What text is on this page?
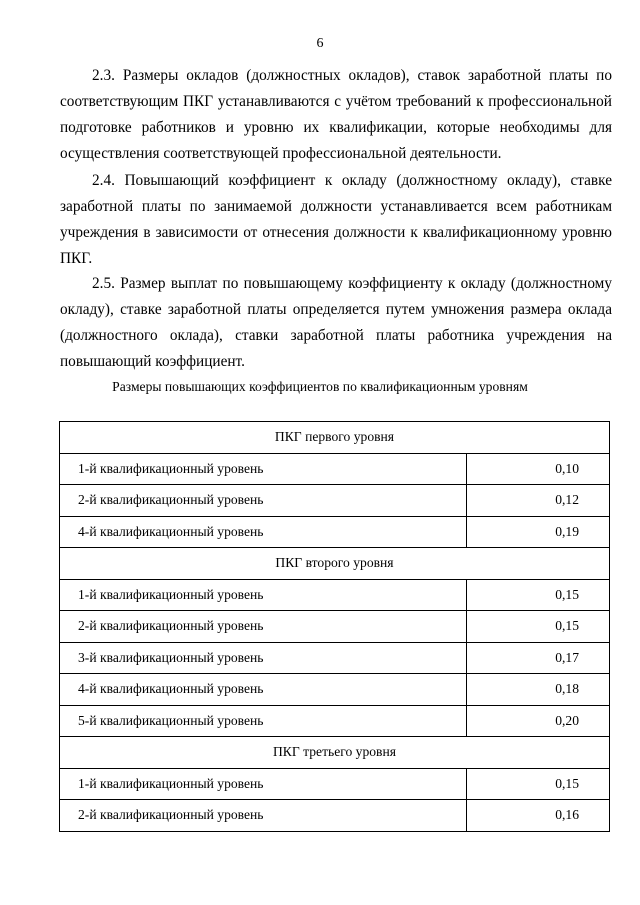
6

2.3. Размеры окладов (должностных окладов), ставок заработной платы по соответствующим ПКГ устанавливаются с учётом требований к профессиональной подготовке работников и уровню их квалификации, которые необходимы для осуществления соответствующей профессиональной деятельности.

2.4. Повышающий коэффициент к окладу (должностному окладу), ставке заработной платы по занимаемой должности устанавливается всем работникам учреждения в зависимости от отнесения должности к квалификационному уровню ПКГ.

2.5. Размер выплат по повышающему коэффициенту к окладу (должностному окладу), ставке заработной платы определяется путем умножения размера оклада (должностного оклада), ставки заработной платы работника учреждения на повышающий коэффициент.

Размеры повышающих коэффициентов по квалификационным уровням
ПКГ первого уровня	
1-й квалификационный уровень	0,10
2-й квалификационный уровень	0,12
4-й квалификационный уровень	0,19
ПКГ второго уровня	
1-й квалификационный уровень	0,15
2-й квалификационный уровень	0,15
3-й квалификационный уровень	0,17
4-й квалификационный уровень	0,18
5-й квалификационный уровень	0,20
ПКГ третьего уровня	
1-й квалификационный уровень	0,15
2-й квалификационный уровень	0,16
